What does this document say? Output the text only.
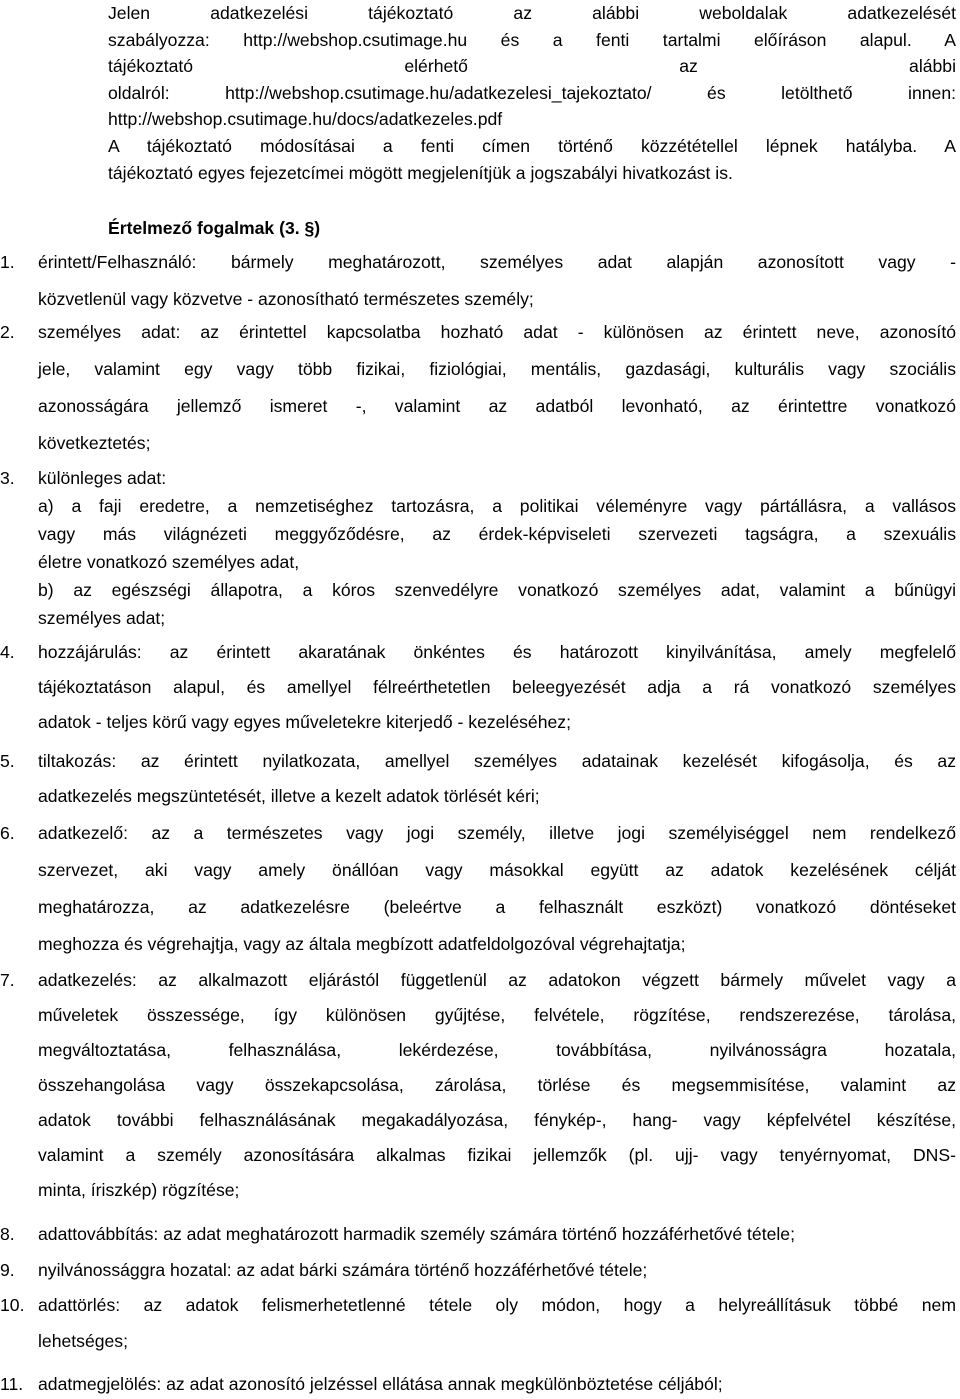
Jelen adatkezelési tájékoztató az alábbi weboldalak adatkezelését
szabályozza: http://webshop.csutimage.hu és a fenti tartalmi előíráson alapul. A
tájékoztató elérhető az alábbi
oldalról: http://webshop.csutimage.hu/adatkezelesi_tajekoztato/ és letölthető innen:
http://webshop.csutimage.hu/docs/adatkezeles.pdf
A tájékoztató módosításai a fenti címen történő közzététellel lépnek hatályba. A
tájékoztató egyes fejezetcímei mögött megjelenítjük a jogszabályi hivatkozást is.
Értelmező fogalmak (3. §)
1. érintett/Felhasználó: bármely meghatározott, személyes adat alapján azonosított vagy -
közvetlenül vagy közvetve - azonosítható természetes személy;
2. személyes adat: az érintettel kapcsolatba hozható adat - különösen az érintett neve, azonosító
jele, valamint egy vagy több fizikai, fiziológiai, mentális, gazdasági, kulturális vagy szociális
azonosságára jellemző ismeret -, valamint az adatból levonható, az érintettre vonatkozó
következtetés;
3. különleges adat:
a) a faji eredetre, a nemzetiséghez tartozásra, a politikai véleményre vagy pártállásra, a vallásos
vagy más világnézeti meggyőződésre, az érdek-képviseleti szervezeti tagságra, a szexuális
életre vonatkozó személyes adat,
b) az egészségi állapotra, a kóros szenvedélyre vonatkozó személyes adat, valamint a bűnügyi
személyes adat;
4. hozzájárulás: az érintett akaratának önkéntes és határozott kinyilvánítása, amely megfelelő
tájékoztatáson alapul, és amellyel félreérthetetlen beleegyezését adja a rá vonatkozó személyes
adatok - teljes körű vagy egyes műveletekre kiterjedő - kezeléséhez;
5. tiltakozás: az érintett nyilatkozata, amellyel személyes adatainak kezelését kifogásolja, és az
adatkezelés megszüntetését, illetve a kezelt adatok törlését kéri;
6. adatkezelő: az a természetes vagy jogi személy, illetve jogi személyiséggel nem rendelkező
szervezet, aki vagy amely önállóan vagy másokkal együtt az adatok kezelésének célját
meghatározza, az adatkezelésre (beleértve a felhasznált eszközt) vonatkozó döntéseket
meghozza és végrehajtja, vagy az általa megbízott adatfeldolgozóval végrehajtatja;
7. adatkezelés: az alkalmazott eljárástól függetlenül az adatokon végzett bármely művelet vagy a
műveletek összessége, így különösen gyűjtése, felvétele, rögzítése, rendszerezése, tárolása,
megváltoztatása, felhasználása, lekérdezése, továbbítása, nyilvánosságra hozatala,
összehangolása vagy összekapcsolása, zárolása, törlése és megsemmisítése, valamint az
adatok további felhasználásának megakadályozása, fénykép-, hang- vagy képfelvétel készítése,
valamint a személy azonosítására alkalmas fizikai jellemzők (pl. ujj- vagy tenyérnyomat, DNS-
minta, íriszkép) rögzítése;
8. adattovábbítás: az adat meghatározott harmadik személy számára történő hozzáférhetővé tétele;
9. nyilvánossággra hozatal: az adat bárki számára történő hozzáférhetővé tétele;
10. adattörlés: az adatok felismerhetetlenné tétele oly módon, hogy a helyreállításuk többé nem
lehetséges;
11. adatmegjelölés: az adat azonosító jelzéssel ellátása annak megkülönböztetése céljából;
